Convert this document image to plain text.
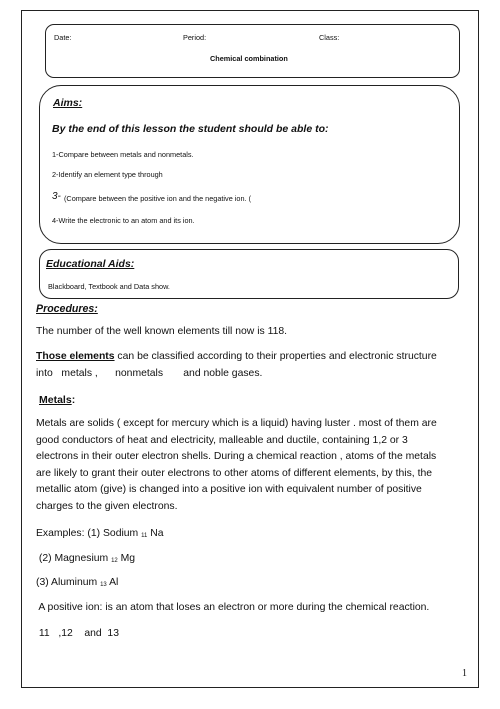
Date:	Period:	Class:
Chemical combination
Aims:
By the end of this lesson the student should be able to:
1-Compare between metals and nonmetals.
2-Identify an element type through
3- (Compare between the positive ion and the negative ion. (
4-Write the electronic to an atom and its ion.
Educational Aids:
Blackboard, Textbook and Data show.
Procedures:
The number of the well known elements till now is 118.
Those elements can be classified according to their properties and electronic structure
into   metals ,      nonmetals       and noble gases.
Metals:
Metals are solids ( except for mercury which is a liquid) having luster . most of them are
good conductors of heat and electricity, malleable and ductile, containing 1,2 or 3
electrons in their outer electron shells. During a chemical reaction , atoms of the metals
are likely to grant their outer electrons to other atoms of different elements, by this, the
metallic atom (give) is changed into a positive ion with equivalent number of positive
charges to the given electrons.
Examples: (1) Sodium $_{11}$ Na
(2) Magnesium $_{12}$ Mg
(3) Aluminum $_{13}$ Al
A positive ion: is an atom that loses an electron or more during the chemical reaction.
11   ,12    and  13
1
